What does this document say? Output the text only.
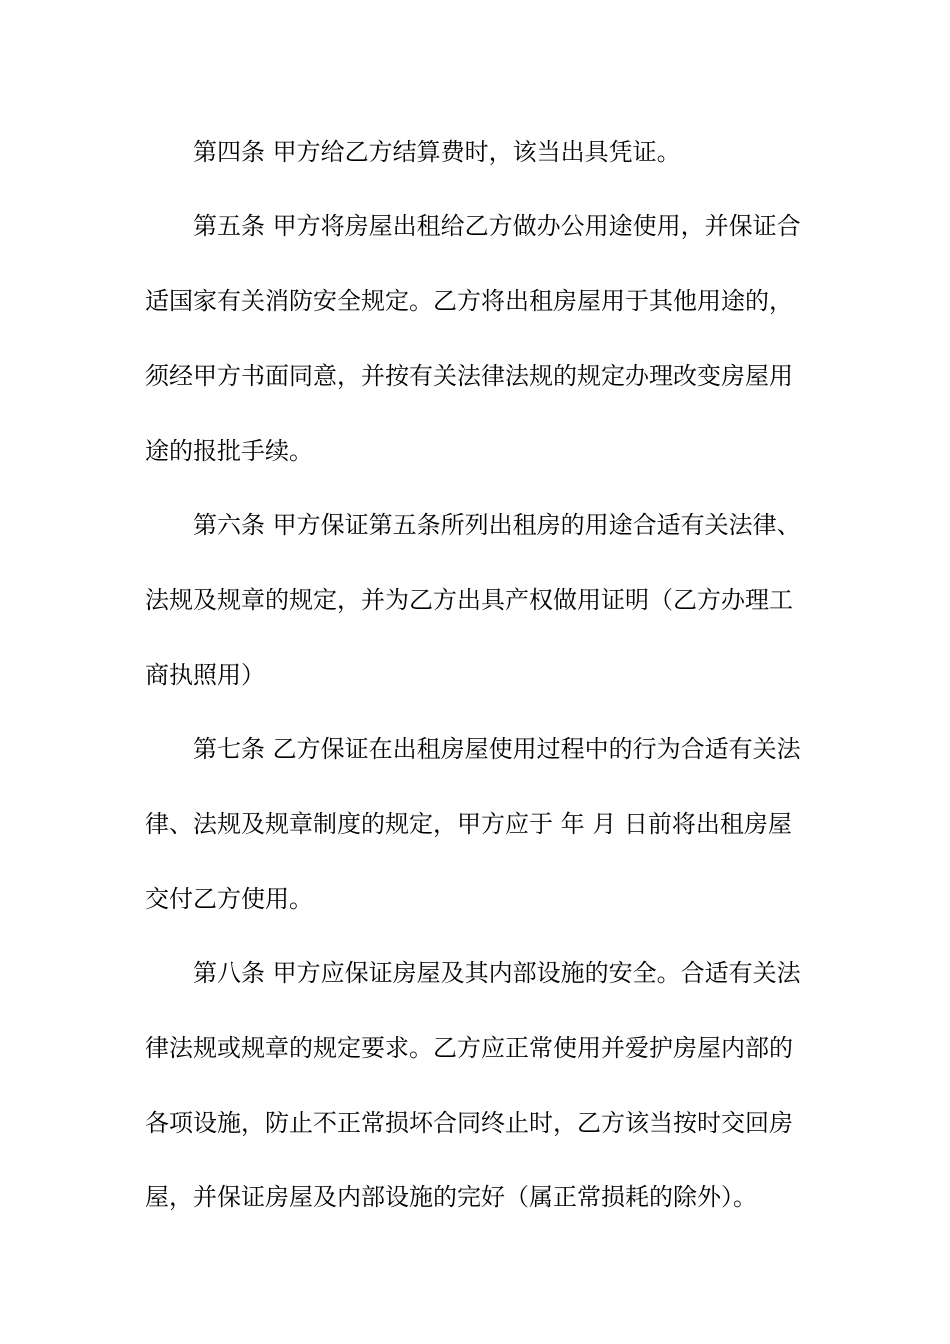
第四条 甲方给乙方结算费时，该当出具凭证。
第五条 甲方将房屋出租给乙方做办公用途使用，并保证合
适国家有关消防安全规定。乙方将出租房屋用于其他用途的，
须经甲方书面同意，并按有关法律法规的规定办理改变房屋用
途的报批手续。
第六条 甲方保证第五条所列出租房的用途合适有关法律、
法规及规章的规定，并为乙方出具产权做用证明（乙方办理工
商执照用）
第七条 乙方保证在出租房屋使用过程中的行为合适有关法
律、法规及规章制度的规定，甲方应于 年 月 日前将出租房屋
交付乙方使用。
第八条 甲方应保证房屋及其内部设施的安全。合适有关法
律法规或规章的规定要求。乙方应正常使用并爱护房屋内部的
各项设施，防止不正常损坏合同终止时，乙方该当按时交回房
屋，并保证房屋及内部设施的完好（属正常损耗的除外）。
